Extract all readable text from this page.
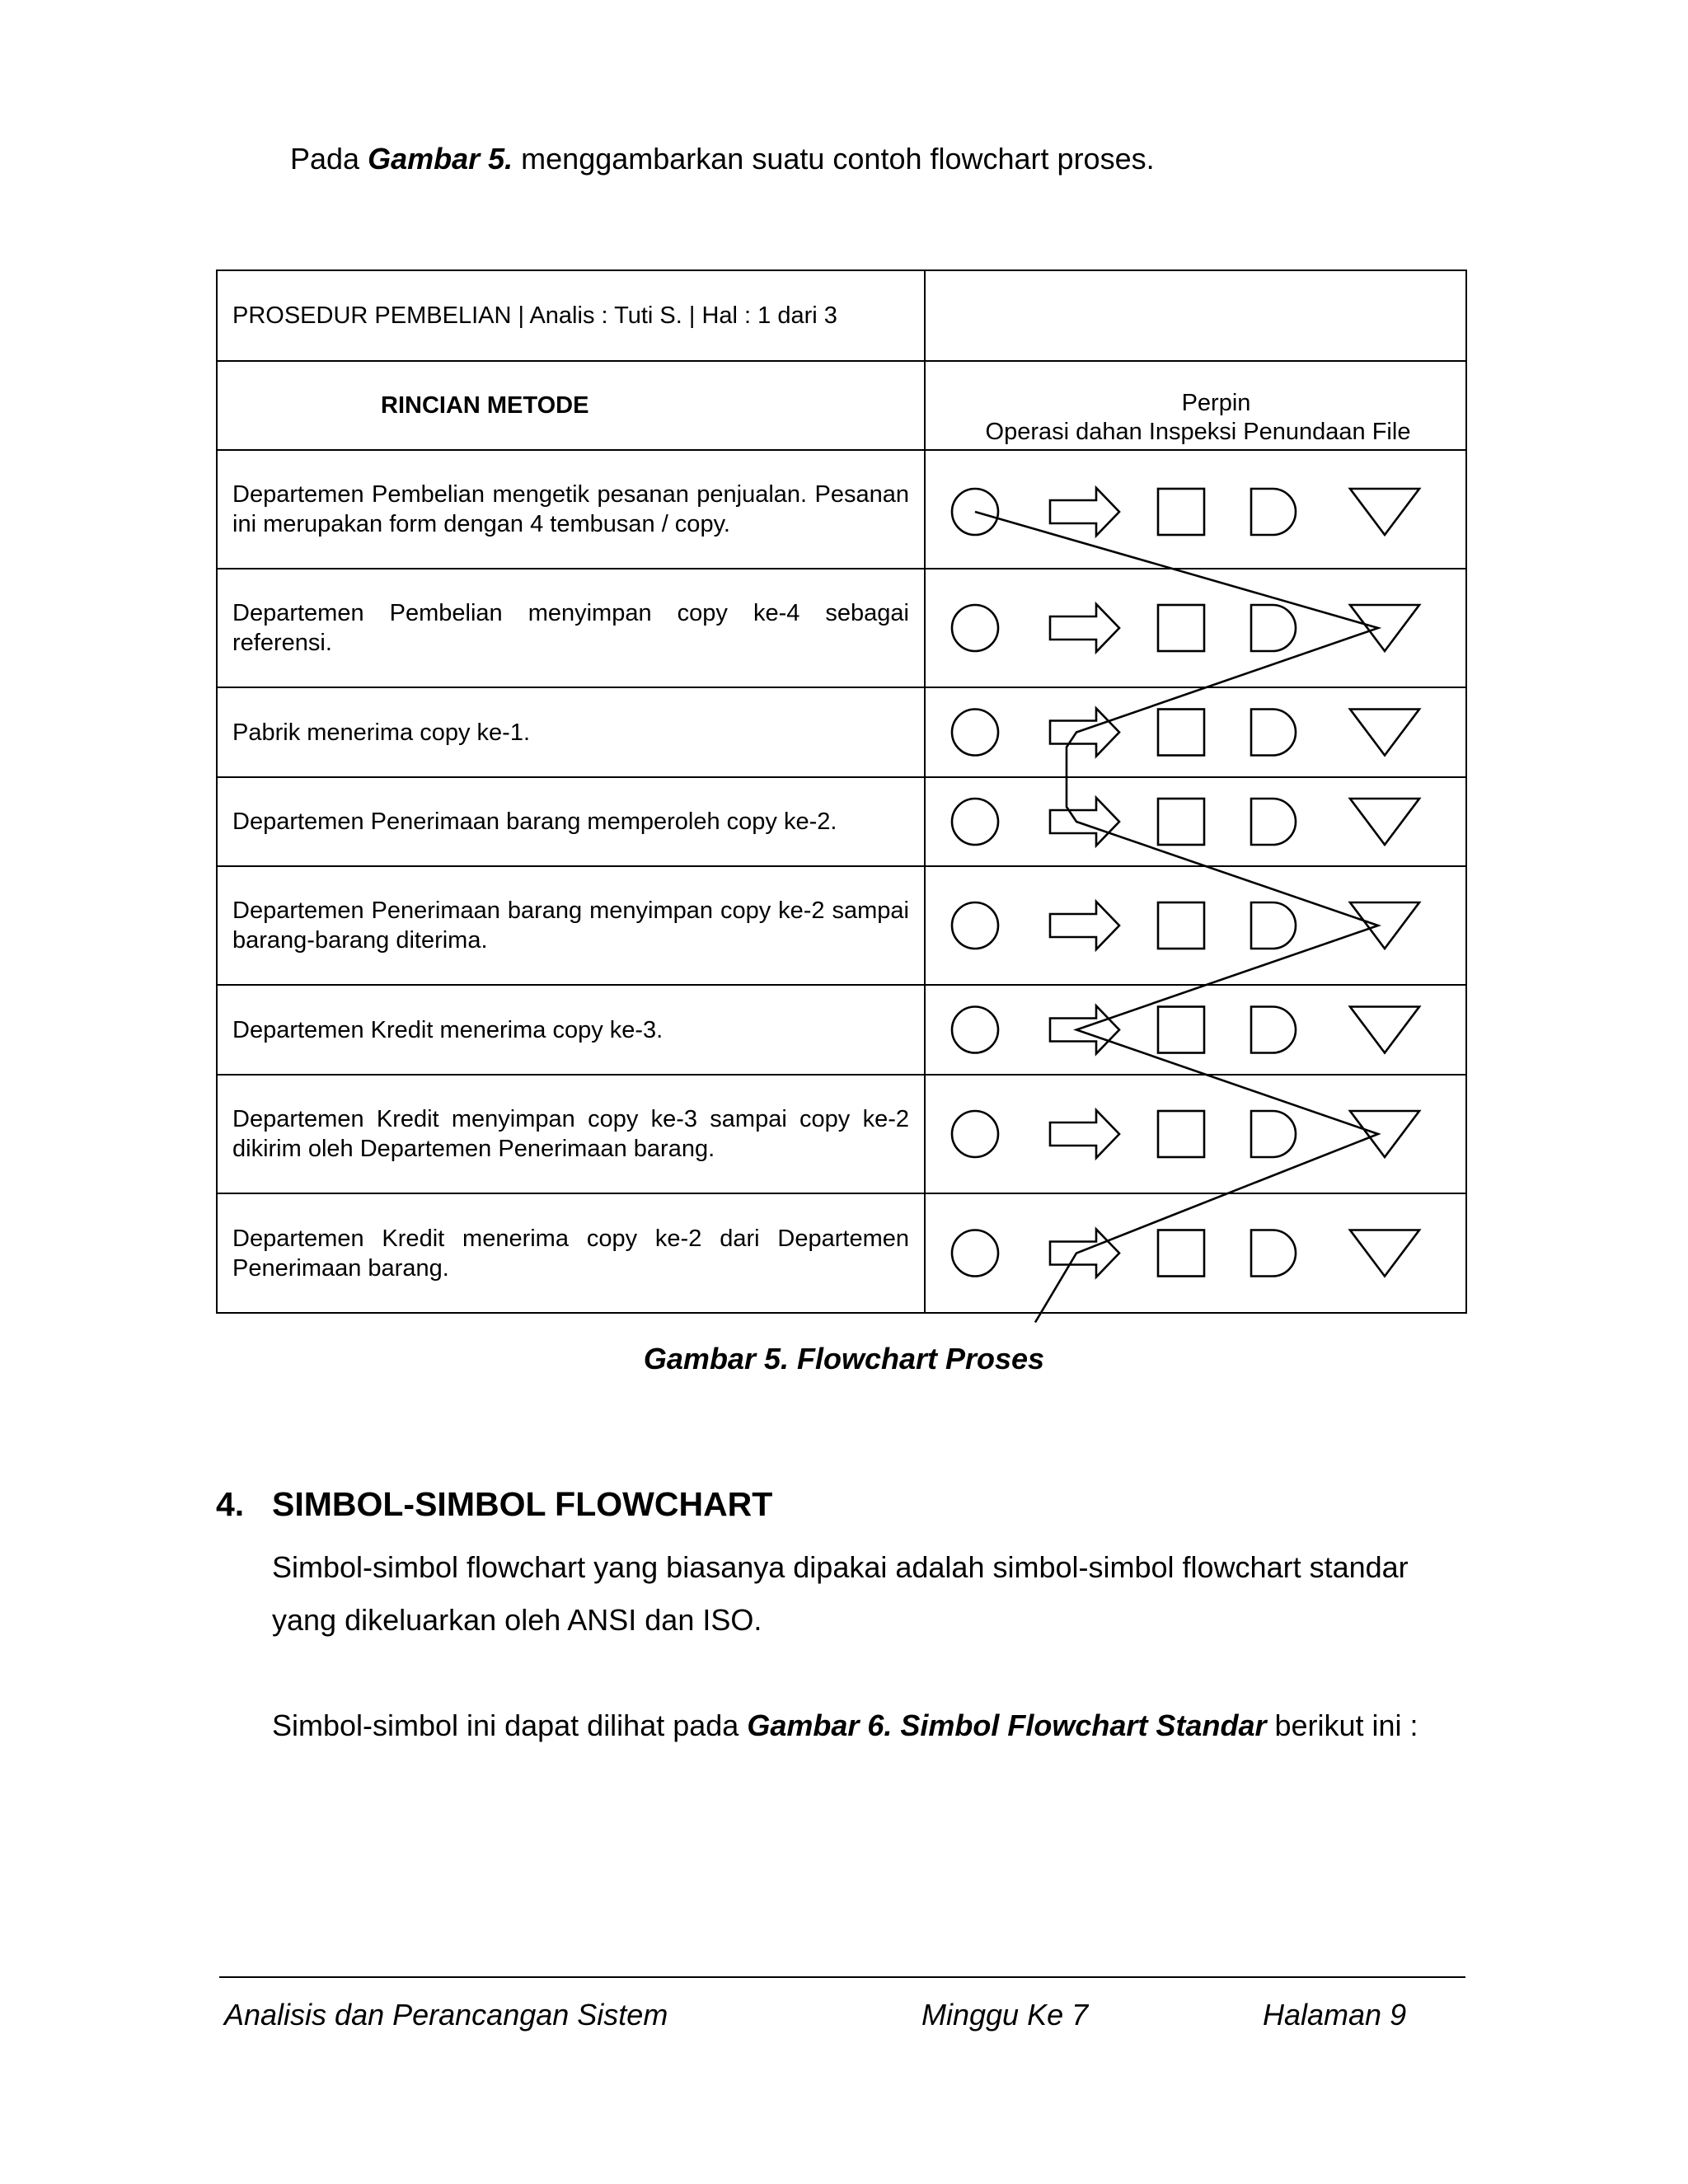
Pada Gambar 5. menggambarkan suatu contoh flowchart proses.
PROSEDUR PEMBELIAN | Analis : Tuti S. | Hal : 1 dari 3	
RINCIAN METODE	Perpin
Operasi dahan Inspeksi Penundaan File

Departemen Pembelian mengetik pesanan penjualan. Pesanan ini merupakan form dengan 4 tembusan / copy.	
Departemen Pembelian menyimpan copy ke-4 sebagai referensi.	
Pabrik menerima copy ke-1.	
Departemen Penerimaan barang memperoleh copy ke-2.	
Departemen Penerimaan barang menyimpan copy ke-2 sampai barang-barang diterima.	
Departemen Kredit menerima copy ke-3.	
Departemen Kredit menyimpan copy ke-3 sampai copy ke-2 dikirim oleh Departemen Penerimaan barang.	
Departemen Kredit menerima copy ke-2 dari Departemen Penerimaan barang.	
Gambar 5. Flowchart Proses
4. SIMBOL-SIMBOL FLOWCHART
Simbol-simbol flowchart yang biasanya dipakai adalah simbol-simbol flowchart standar yang dikeluarkan oleh ANSI dan ISO.
Simbol-simbol ini dapat dilihat pada Gambar 6. Simbol Flowchart Standar berikut ini :
Analisis dan Perancangan Sistem	Minggu Ke 7	Halaman 9
